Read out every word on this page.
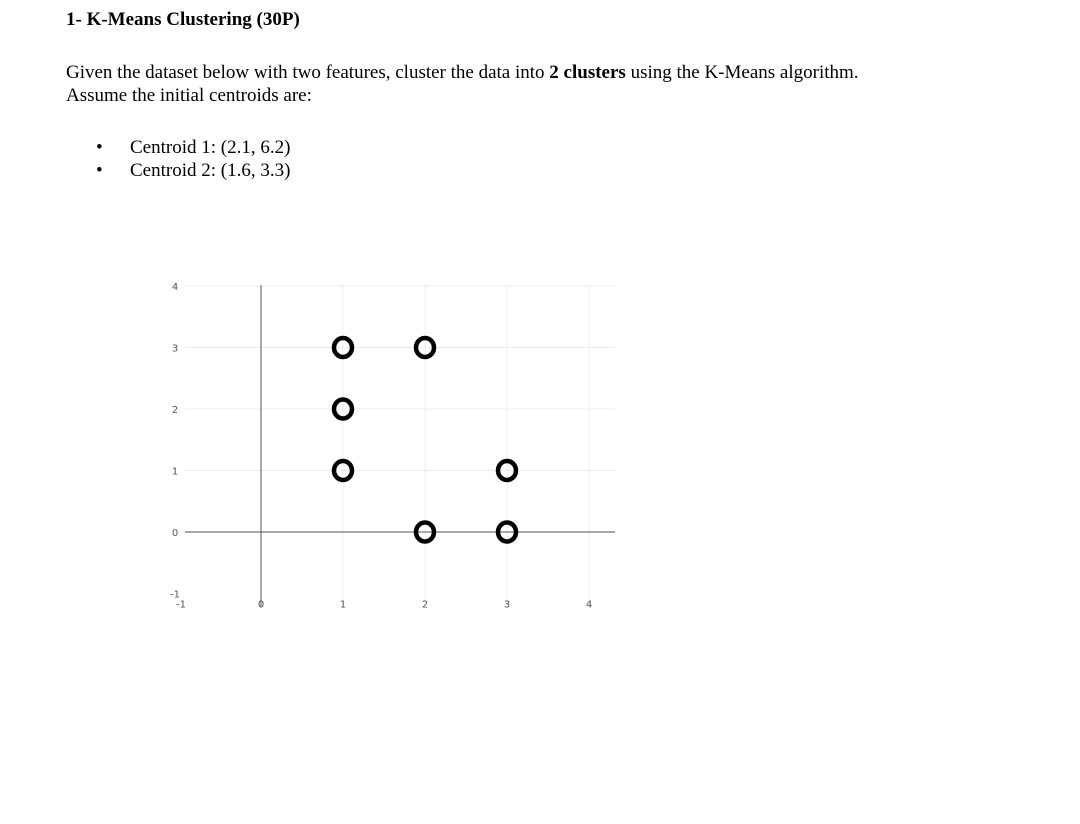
1- K-Means Clustering (30P)

Given the dataset below with two features, cluster the data into 2 clusters using the K-Means algorithm.
Assume the initial centroids are:

• Centroid 1: (2.1, 6.2)
• Centroid 2: (1.6, 3.3)
-1
0
1
2
3
4
-1	0	1	2	3	4
